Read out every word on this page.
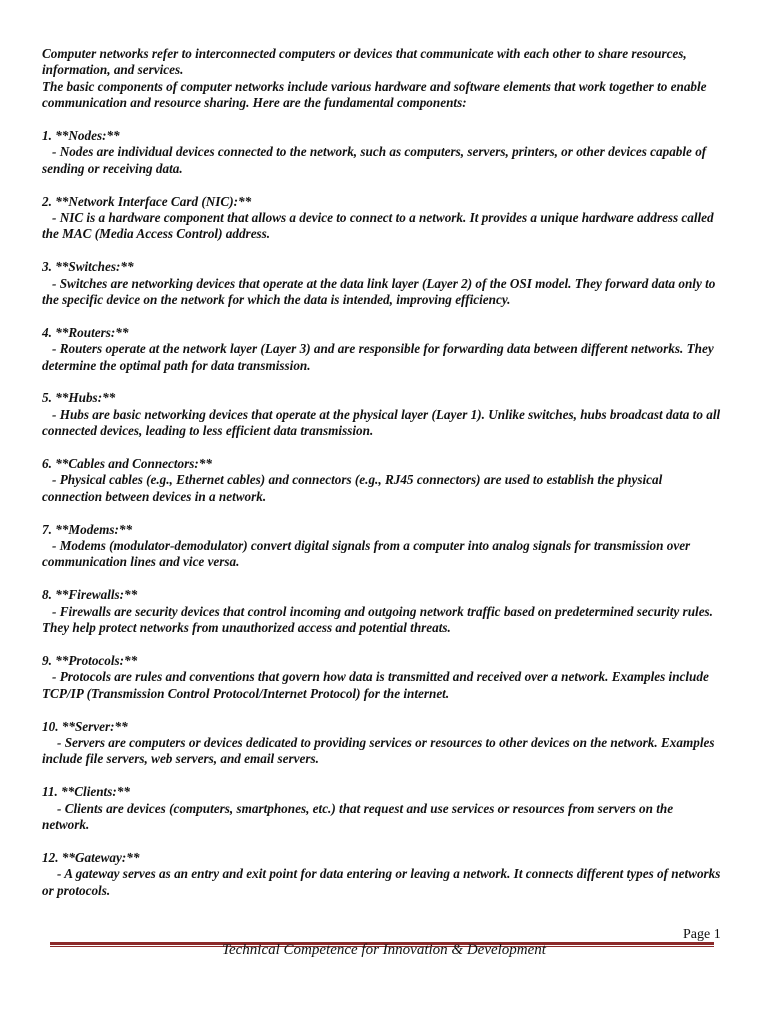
Computer networks refer to interconnected computers or devices that communicate with each other to share resources, information, and services.

The basic components of computer networks include various hardware and software elements that work together to enable communication and resource sharing. Here are the fundamental components:

1. **Nodes:**
- Nodes are individual devices connected to the network, such as computers, servers, printers, or other devices capable of sending or receiving data.
2. **Network Interface Card (NIC):**
- NIC is a hardware component that allows a device to connect to a network. It provides a unique hardware address called the MAC (Media Access Control) address.
3. **Switches:**
- Switches are networking devices that operate at the data link layer (Layer 2) of the OSI model. They forward data only to the specific device on the network for which the data is intended, improving efficiency.
4. **Routers:**
- Routers operate at the network layer (Layer 3) and are responsible for forwarding data between different networks. They determine the optimal path for data transmission.
5. **Hubs:**
- Hubs are basic networking devices that operate at the physical layer (Layer 1). Unlike switches, hubs broadcast data to all connected devices, leading to less efficient data transmission.
6. **Cables and Connectors:**
- Physical cables (e.g., Ethernet cables) and connectors (e.g., RJ45 connectors) are used to establish the physical connection between devices in a network.
7. **Modems:**
- Modems (modulator-demodulator) convert digital signals from a computer into analog signals for transmission over communication lines and vice versa.
8. **Firewalls:**
- Firewalls are security devices that control incoming and outgoing network traffic based on predetermined security rules. They help protect networks from unauthorized access and potential threats.
9. **Protocols:**
- Protocols are rules and conventions that govern how data is transmitted and received over a network. Examples include TCP/IP (Transmission Control Protocol/Internet Protocol) for the internet.
10. **Server:**
- Servers are computers or devices dedicated to providing services or resources to other devices on the network. Examples include file servers, web servers, and email servers.
11. **Clients:**
- Clients are devices (computers, smartphones, etc.) that request and use services or resources from servers on the network.
12. **Gateway:**
- A gateway serves as an entry and exit point for data entering or leaving a network. It connects different types of networks or protocols.
Page 1
Technical Competence for Innovation & Development
